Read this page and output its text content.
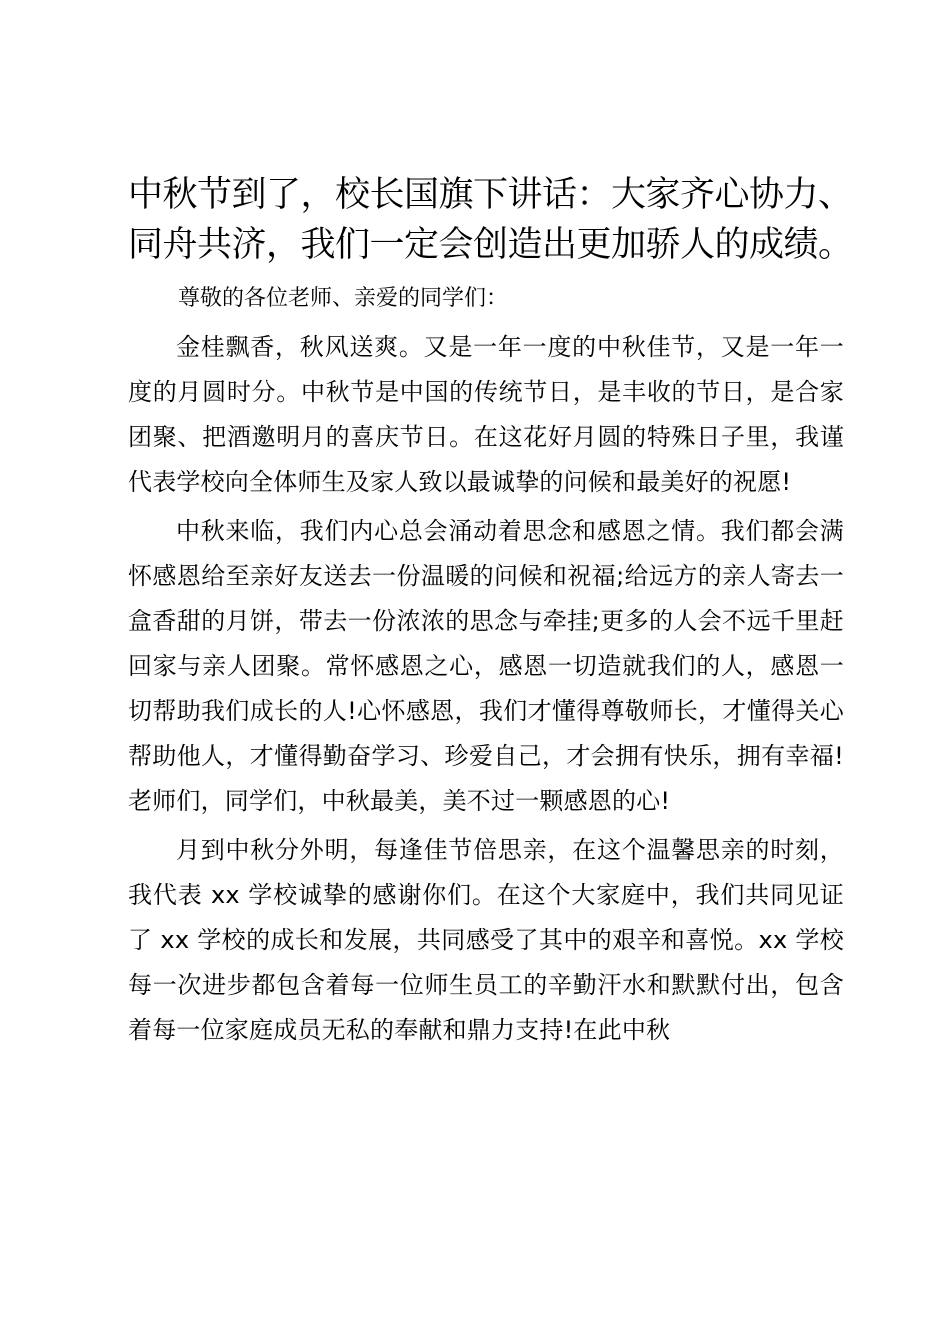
中秋节到了，校长国旗下讲话：大家齐心协力、
同舟共济，我们一定会创造出更加骄人的成绩。

尊敬的各位老师、亲爱的同学们：

金桂飘香，秋风送爽。又是一年一度的中秋佳节，又是一年一度的月圆时分。中秋节是中国的传统节日，是丰收的节日，是合家团聚、把酒邀明月的喜庆节日。在这花好月圆的特殊日子里，我谨代表学校向全体师生及家人致以最诚挚的问候和最美好的祝愿!

中秋来临，我们内心总会涌动着思念和感恩之情。我们都会满怀感恩给至亲好友送去一份温暖的问候和祝福;给远方的亲人寄去一盒香甜的月饼，带去一份浓浓的思念与牵挂;更多的人会不远千里赶回家与亲人团聚。常怀感恩之心，感恩一切造就我们的人，感恩一切帮助我们成长的人!心怀感恩，我们才懂得尊敬师长，才懂得关心帮助他人，才懂得勤奋学习、珍爱自己，才会拥有快乐，拥有幸福!老师们，同学们，中秋最美，美不过一颗感恩的心!

月到中秋分外明，每逢佳节倍思亲，在这个温馨思亲的时刻，我代表 xx 学校诚挚的感谢你们。在这个大家庭中，我们共同见证了 xx 学校的成长和发展，共同感受了其中的艰辛和喜悦。xx 学校每一次进步都包含着每一位师生员工的辛勤汗水和默默付出，包含着每一位家庭成员无私的奉献和鼎力支持!在此中秋
